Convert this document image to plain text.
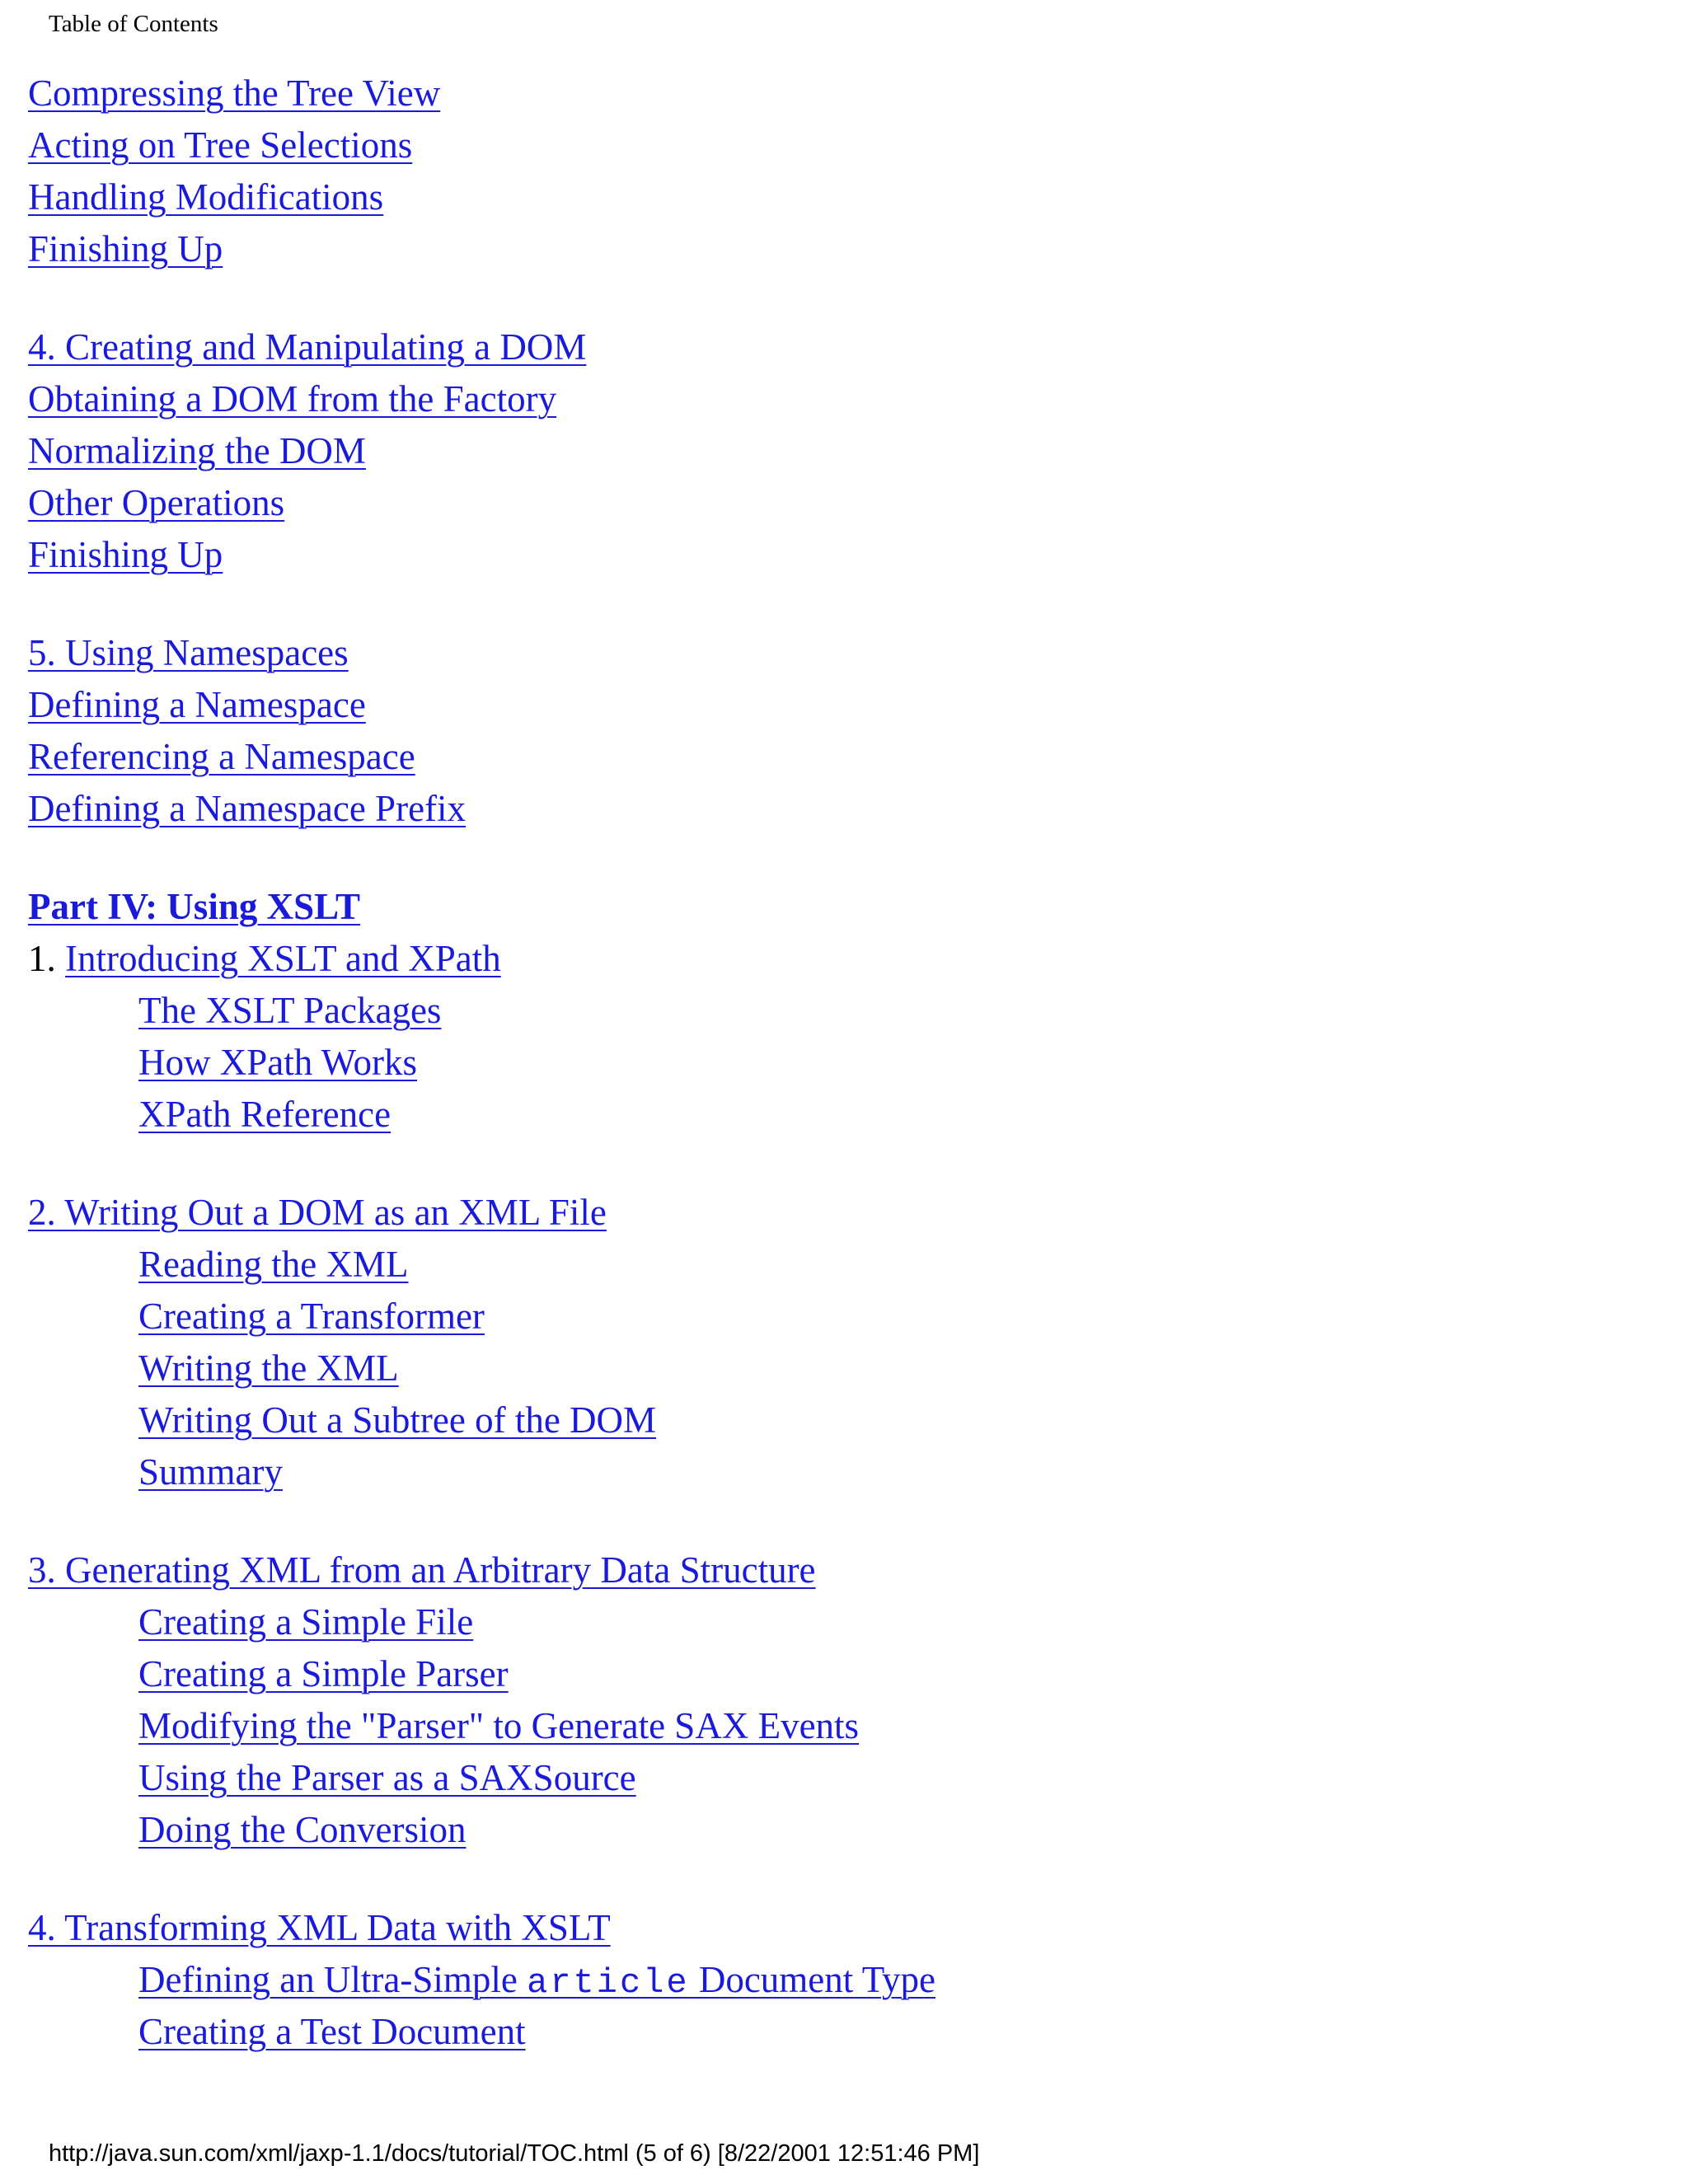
Table of Contents
Compressing the Tree View
Acting on Tree Selections
Handling Modifications
Finishing Up
4. Creating and Manipulating a DOM
Obtaining a DOM from the Factory
Normalizing the DOM
Other Operations
Finishing Up
5. Using Namespaces
Defining a Namespace
Referencing a Namespace
Defining a Namespace Prefix
Part IV: Using XSLT
1. Introducing XSLT and XPath
The XSLT Packages
How XPath Works
XPath Reference
2. Writing Out a DOM as an XML File
Reading the XML
Creating a Transformer
Writing the XML
Writing Out a Subtree of the DOM
Summary
3. Generating XML from an Arbitrary Data Structure
Creating a Simple File
Creating a Simple Parser
Modifying the "Parser" to Generate SAX Events
Using the Parser as a SAXSource
Doing the Conversion
4. Transforming XML Data with XSLT
Defining an Ultra-Simple article Document Type
Creating a Test Document
http://java.sun.com/xml/jaxp-1.1/docs/tutorial/TOC.html (5 of 6) [8/22/2001 12:51:46 PM]
